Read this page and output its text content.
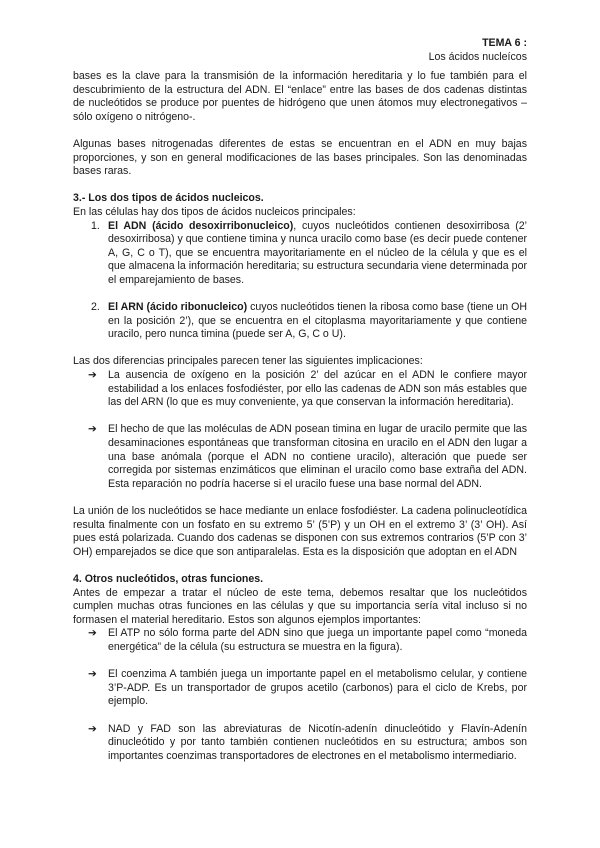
TEMA 6 :
Los ácidos nucleícos

bases es la clave para la transmisión de la información hereditaria y lo fue también para el descubrimiento de la estructura del ADN. El “enlace” entre las bases de dos cadenas distintas de nucleótidos se produce por puentes de hidrógeno que unen átomos muy electronegativos –sólo oxígeno o nitrógeno-.

Algunas bases nitrogenadas diferentes de estas se encuentran en el ADN en muy bajas proporciones, y son en general modificaciones de las bases principales. Son las denominadas bases raras.

3.- Los dos tipos de ácidos nucleicos.

En las células hay dos tipos de ácidos nucleicos principales:

1. El ADN (ácido desoxirribonucleico), cuyos nucleótidos contienen desoxirribosa (2’ desoxirribosa) y que contiene timina y nunca uracilo como base (es decir puede contener A, G, C o T), que se encuentra mayoritariamente en el núcleo de la célula y que es el que almacena la información hereditaria; su estructura secundaria viene determinada por el emparejamiento de bases.
2. El ARN (ácido ribonucleico) cuyos nucleótidos tienen la ribosa como base (tiene un OH en la posición 2’), que se encuentra en el citoplasma mayoritariamente y que contiene uracilo, pero nunca timina (puede ser A, G, C o U).

Las dos diferencias principales parecen tener las siguientes implicaciones:

➔ La ausencia de oxígeno en la posición 2’ del azúcar en el ADN le confiere mayor estabilidad a los enlaces fosfodiéster, por ello las cadenas de ADN son más estables que las del ARN (lo que es muy conveniente, ya que conservan la información hereditaria).
➔ El hecho de que las moléculas de ADN posean timina en lugar de uracilo permite que las desaminaciones espontáneas que transforman citosina en uracilo en el ADN den lugar a una base anómala (porque el ADN no contiene uracilo), alteración que puede ser corregida por sistemas enzimáticos que eliminan el uracilo como base extraña del ADN. Esta reparación no podría hacerse si el uracilo fuese una base normal del ADN.

La unión de los nucleótidos se hace mediante un enlace fosfodiéster. La cadena polinucleotídica resulta finalmente con un fosfato en su extremo 5’ (5’P) y un OH en el extremo 3’ (3’ OH). Así pues está polarizada. Cuando dos cadenas se disponen con sus extremos contrarios (5’P con 3’ OH) emparejados se dice que son antiparalelas. Esta es la disposición que adoptan en el ADN

4. Otros nucleótidos, otras funciones.

Antes de empezar a tratar el núcleo de este tema, debemos resaltar que los nucleótidos cumplen muchas otras funciones en las células y que su importancia sería vital incluso si no formasen el material hereditario. Estos son algunos ejemplos importantes:

➔ El ATP no sólo forma parte del ADN sino que juega un importante papel como “moneda energética” de la célula (su estructura se muestra en la figura).
➔ El coenzima A también juega un importante papel en el metabolismo celular, y contiene 3’P-ADP. Es un transportador de grupos acetilo (carbonos) para el ciclo de Krebs, por ejemplo.
➔ NAD y FAD son las abreviaturas de Nicotín-adenín dinucleótido y Flavín-Adenín dinucleótido y por tanto también contienen nucleótidos en su estructura; ambos son importantes coenzimas transportadores de electrones en el metabolismo intermediario.
